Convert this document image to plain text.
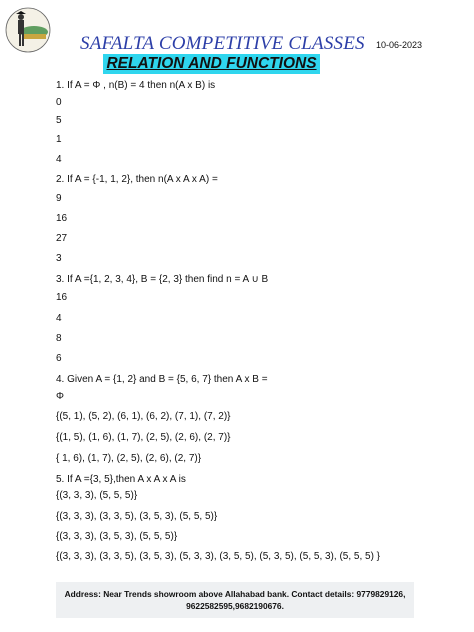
SAFALTA COMPETITIVE CLASSES	10-06-2023
RELATION AND FUNCTIONS
1. If A = Φ , n(B) = 4 then n(A x B) is
0
5
1
4
2. If A = {-1, 1, 2}, then n(A x A x A) =
9
16
27
3
3. If A ={1, 2, 3, 4}, B = {2, 3} then find n = A ∪ B
16
4
8
6
4. Given A = {1, 2} and B = {5, 6, 7} then A x B =
Φ
{(5, 1), (5, 2), (6, 1), (6, 2), (7, 1), (7, 2)}
{(1, 5), (1, 6), (1, 7), (2, 5), (2, 6), (2, 7)}
{ 1, 6), (1, 7), (2, 5), (2, 6), (2, 7)}
5. If A ={3, 5},then A x A x A is
{(3, 3, 3), (5, 5, 5)}
{(3, 3, 3), (3, 3, 5), (3, 5, 3), (5, 5, 5)}
{(3, 3, 3), (3, 5, 3), (5, 5, 5)}
{(3, 3, 3), (3, 3, 5), (3, 5, 3), (5, 3, 3), (3, 5, 5), (5, 3, 5), (5, 5, 3), (5, 5, 5) }
Address: Near Trends showroom above Allahabad bank. Contact details: 9779829126,
9622582595,9682190676.
